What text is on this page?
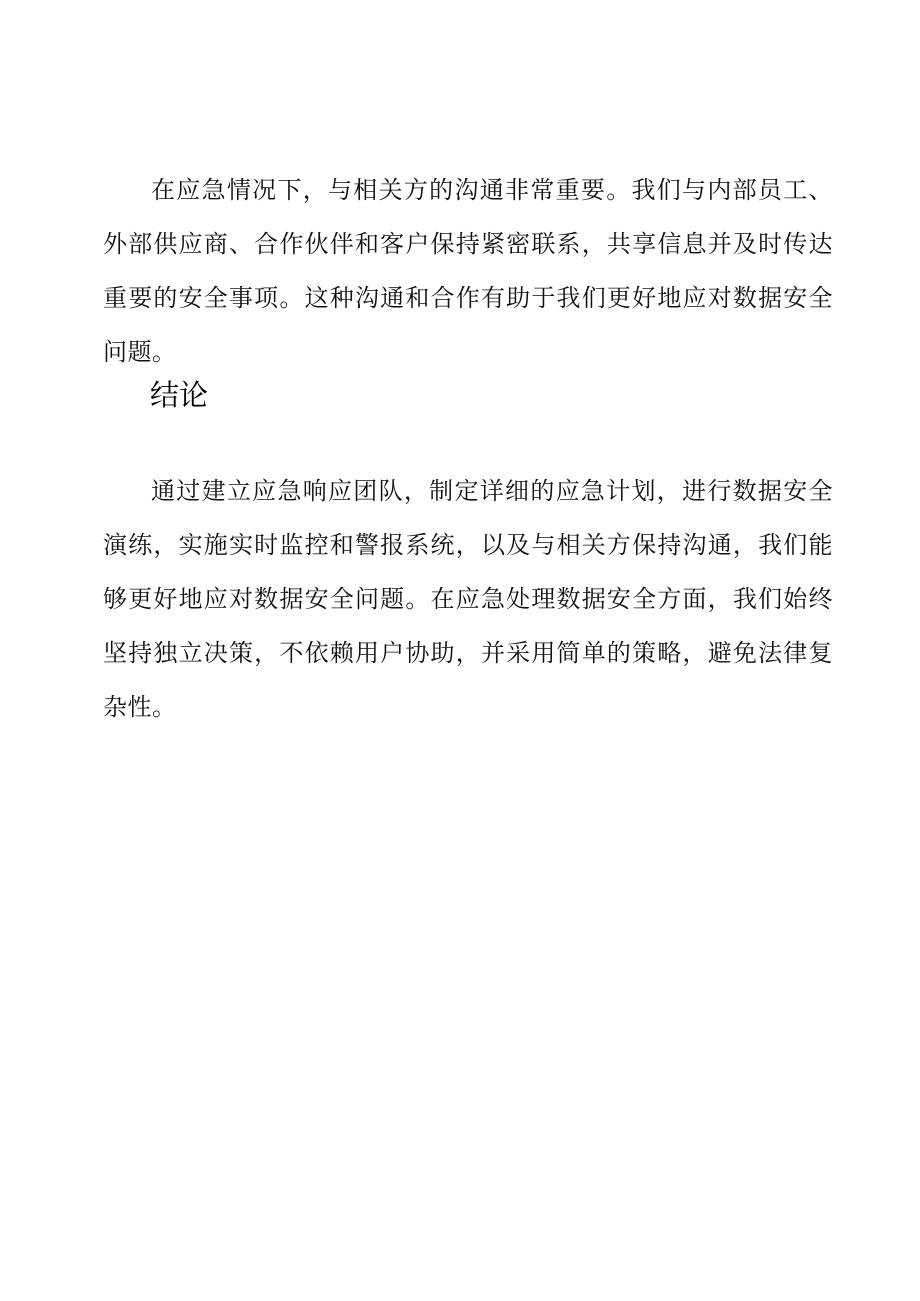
在应急情况下，与相关方的沟通非常重要。我们与内部员工、外部供应商、合作伙伴和客户保持紧密联系，共享信息并及时传达重要的安全事项。这种沟通和合作有助于我们更好地应对数据安全问题。

结论

通过建立应急响应团队，制定详细的应急计划，进行数据安全演练，实施实时监控和警报系统，以及与相关方保持沟通，我们能够更好地应对数据安全问题。在应急处理数据安全方面，我们始终坚持独立决策，不依赖用户协助，并采用简单的策略，避免法律复杂性。
